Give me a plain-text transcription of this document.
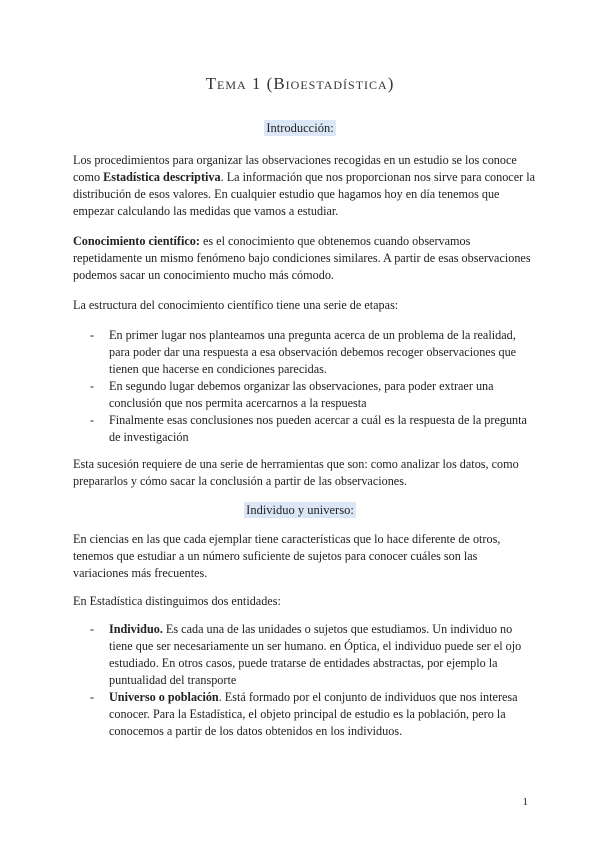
Tema 1 (Bioestadística)
Introducción:

Los procedimientos para organizar las observaciones recogidas en un estudio se los conoce como Estadística descriptiva. La información que nos proporcionan nos sirve para conocer la distribución de esos valores. En cualquier estudio que hagamos hoy en día tenemos que empezar calculando las medidas que vamos a estudiar.

Conocimiento científico: es el conocimiento que obtenemos cuando observamos repetidamente un mismo fenómeno bajo condiciones similares. A partir de esas observaciones podemos sacar un conocimiento mucho más cómodo.

La estructura del conocimiento científico tiene una serie de etapas:

- En primer lugar nos planteamos una pregunta acerca de un problema de la realidad, para poder dar una respuesta a esa observación debemos recoger observaciones que tienen que hacerse en condiciones parecidas.
- En segundo lugar debemos organizar las observaciones, para poder extraer una conclusión que nos permita acercarnos a la respuesta
- Finalmente esas conclusiones nos pueden acercar a cuál es la respuesta de la pregunta de investigación

Esta sucesión requiere de una serie de herramientas que son: como analizar los datos, como prepararlos y cómo sacar la conclusión a partir de las observaciones.

Individuo y universo:

En ciencias en las que cada ejemplar tiene características que lo hace diferente de otros, tenemos que estudiar a un número suficiente de sujetos para conocer cuáles son las variaciones más frecuentes.

En Estadística distinguimos dos entidades:

- Individuo. Es cada una de las unidades o sujetos que estudiamos. Un individuo no tiene que ser necesariamente un ser humano. en Óptica, el individuo puede ser el ojo estudiado. En otros casos, puede tratarse de entidades abstractas, por ejemplo la puntualidad del transporte
- Universo o población. Está formado por el conjunto de individuos que nos interesa conocer. Para la Estadística, el objeto principal de estudio es la población, pero la conocemos a partir de los datos obtenidos en los individuos.
1
